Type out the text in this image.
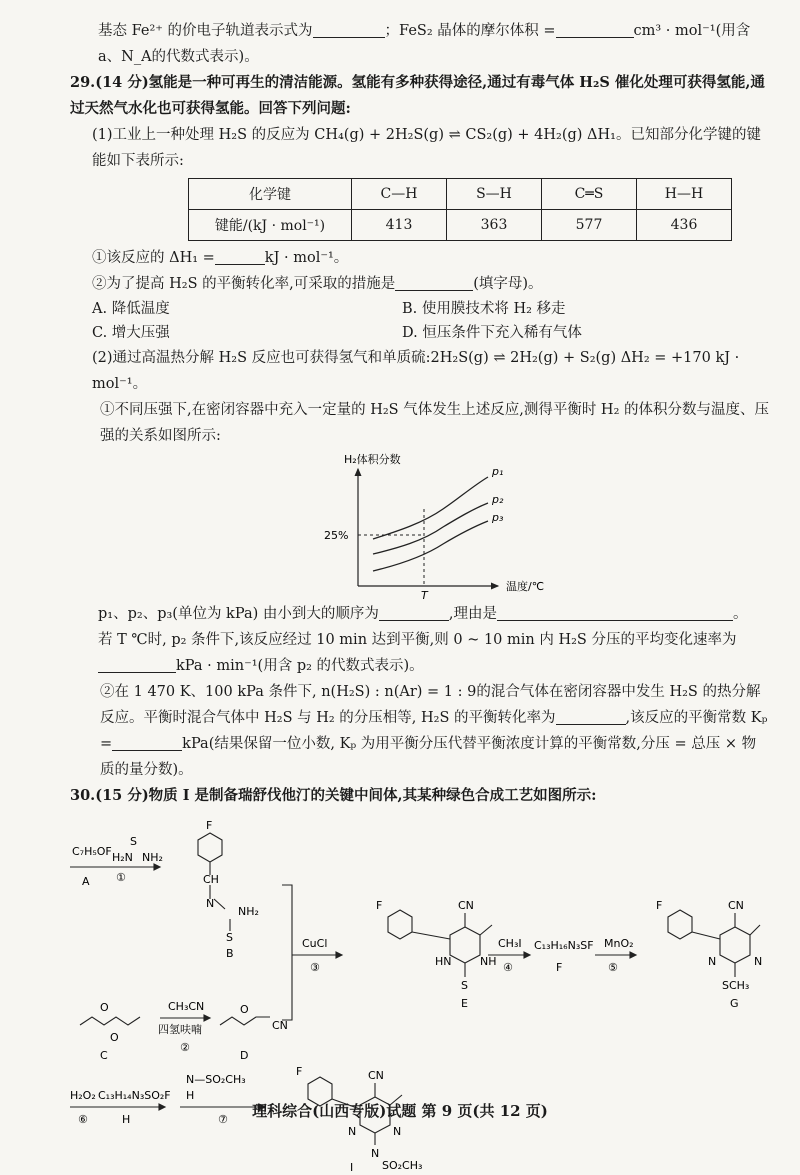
基态 Fe²⁺ 的价电子轨道表示式为	；FeS₂ 晶体的摩尔体积 =	cm³ · mol⁻¹(用含

a、N_A的代数式表示)。

29.(14 分)氢能是一种可再生的清洁能源。氢能有多种获得途径,通过有毒气体 H₂S 催化处理可获得氢能,通过天然气水化也可获得氢能。回答下列问题:

(1)工业上一种处理 H₂S 的反应为 CH₄(g) + 2H₂S(g) ⇌ CS₂(g) + 4H₂(g) ΔH₁。已知部分化学键的键能如下表所示:

化学键	C—H	S—H	C═S	H—H
键能/(kJ · mol⁻¹)	413	363	577	436

①该反应的 ΔH₁ =	kJ · mol⁻¹。

②为了提高 H₂S 的平衡转化率,可采取的措施是	(填字母)。

A. 降低温度	B. 使用膜技术将 H₂ 移走
C. 增大压强	D. 恒压条件下充入稀有气体

(2)通过高温热分解 H₂S 反应也可获得氢气和单质硫:2H₂S(g) ⇌ 2H₂(g) + S₂(g) ΔH₂ = +170 kJ · mol⁻¹。

①不同压强下,在密闭容器中充入一定量的 H₂S 气体发生上述反应,测得平衡时 H₂ 的体积分数与温度、压强的关系如图所示:

H₂体积分数
温度/℃
25%
T
p₁
p₂
p₃

p₁、p₂、p₃(单位为 kPa) 由小到大的顺序为	,理由是	。

若 T ℃时, p₂ 条件下,该反应经过 10 min 达到平衡,则 0 ~ 10 min 内 H₂S 分压的平均变化速率为
kPa · min⁻¹(用含 p₂ 的代数式表示)。

②在 1 470 K、100 kPa 条件下, n(H₂S) : n(Ar) = 1 : 9的混合气体在密闭容器中发生 H₂S 的热分解反应。平衡时混合气体中 H₂S 与 H₂ 的分压相等, H₂S 的平衡转化率为	,该反应的平衡常数 Kₚ =	kPa(结果保留一位小数, Kₚ 为用平衡分压代替平衡浓度计算的平衡常数,分压 = 总压 × 物质的量分数)。

30.(15 分)物质 I 是制备瑞舒伐他汀的关键中间体,其某种绿色合成工艺如图所示:

C₇H₅OF
A
S
H₂N NH₂
①
F
CH
N
NH₂
S
B
CuCl
③
F	CN
HN	NH
S
E
CH₃I
④
C₁₃H₁₆N₃SF
F
MnO₂
⑤
F	CN
N	N
SCH₃
G
O
O
C
CH₃CN
四氢呋喃
②
O
CN
D
H₂O₂
⑥
C₁₃H₁₄N₃SO₂F
H
N—SO₂CH₃
H
⑦
F	CN
N	N
N
SO₂CH₃
I
理科综合(山西专版)试题 第 9 页(共 12 页)
